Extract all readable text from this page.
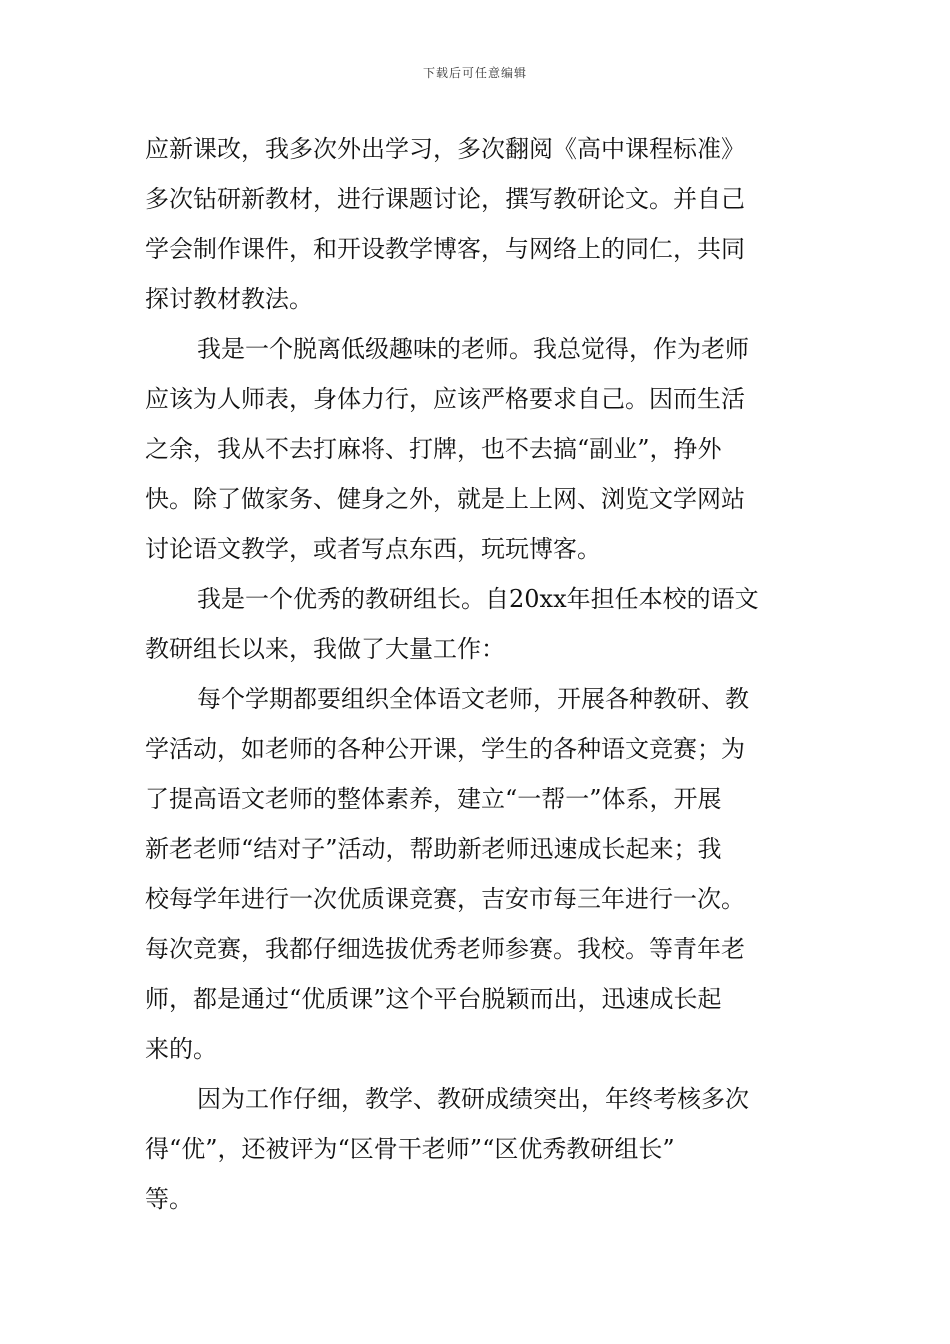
下载后可任意编辑
应新课改，我多次外出学习，多次翻阅《高中课程标准》
多次钻研新教材，进行课题讨论，撰写教研论文。并自己
学会制作课件，和开设教学博客，与网络上的同仁，共同
探讨教材教法。
我是一个脱离低级趣味的老师。我总觉得，作为老师
应该为人师表，身体力行，应该严格要求自己。因而生活
之余，我从不去打麻将、打牌，也不去搞“副业”，挣外
快。除了做家务、健身之外，就是上上网、浏览文学网站
讨论语文教学，或者写点东西，玩玩博客。
我是一个优秀的教研组长。自20xx年担任本校的语文
教研组长以来，我做了大量工作：
每个学期都要组织全体语文老师，开展各种教研、教
学活动，如老师的各种公开课，学生的各种语文竞赛；为
了提高语文老师的整体素养，建立“一帮一”体系，开展
新老老师“结对子”活动，帮助新老师迅速成长起来；我
校每学年进行一次优质课竞赛，吉安市每三年进行一次。
每次竞赛，我都仔细选拔优秀老师参赛。我校。等青年老
师，都是通过“优质课”这个平台脱颖而出，迅速成长起
来的。
因为工作仔细，教学、教研成绩突出，年终考核多次
得“优”，还被评为“区骨干老师”“区优秀教研组长”
等。
